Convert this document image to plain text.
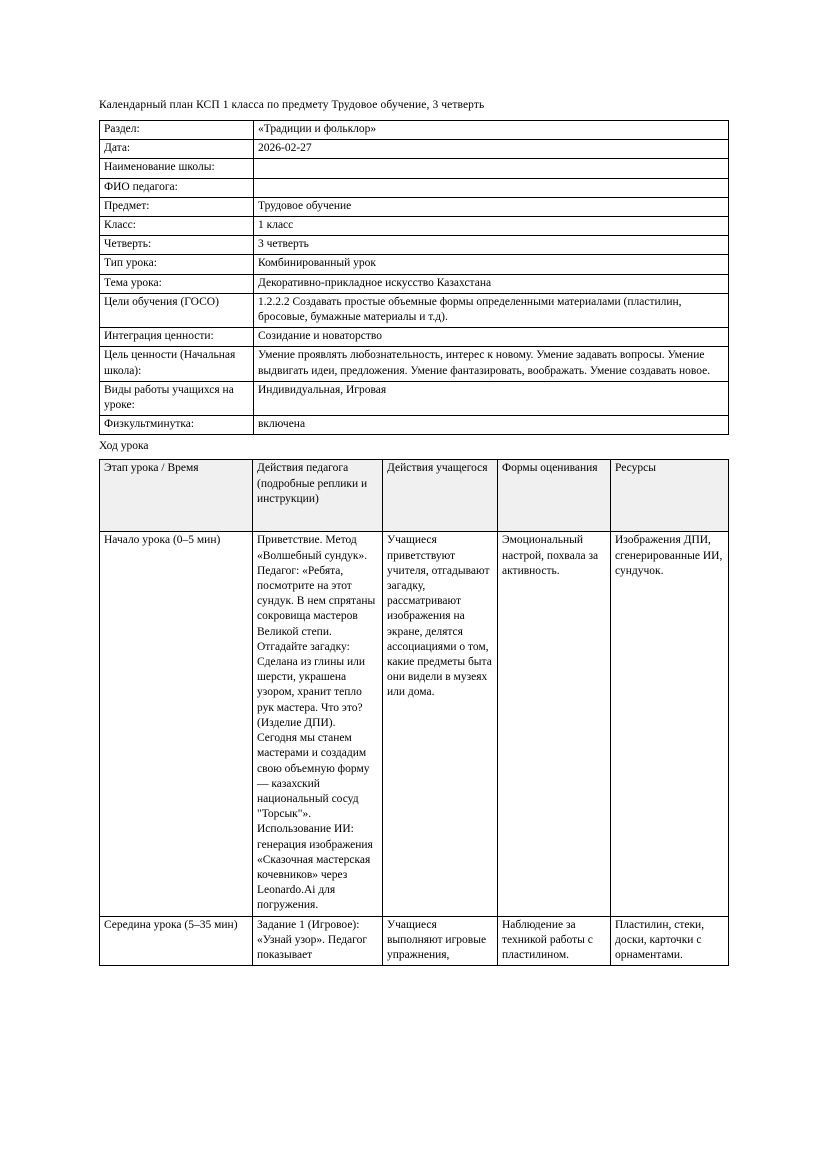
Календарный план КСП 1 класса по предмету Трудовое обучение, 3 четверть
Раздел:	«Традиции и фольклор»
Дата:	2026-02-27
Наименование школы:	
ФИО педагога:	
Предмет:	Трудовое обучение
Класс:	1 класс
Четверть:	3 четверть
Тип урока:	Комбинированный урок
Тема урока:	Декоративно-прикладное искусство Казахстана
Цели обучения (ГОСО)	1.2.2.2 Создавать простые объемные формы определенными материалами (пластилин, бросовые, бумажные материалы и т.д).
Интеграция ценности:	Созидание и новаторство
Цель ценности (Начальная школа):	Умение проявлять любознательность, интерес к новому. Умение задавать вопросы. Умение выдвигать идеи, предложения. Умение фантазировать, воображать. Умение создавать новое.
Виды работы учащихся на уроке:	Индивидуальная, Игровая
Физкультминутка:	включена
Ход урока
Этап урока / Время	Действия педагога (подробные реплики и инструкции)	Действия учащегося	Формы оценивания	Ресурсы
Начало урока (0–5 мин)	Приветствие. Метод «Волшебный сундук». Педагог: «Ребята, посмотрите на этот сундук. В нем спрятаны сокровища мастеров Великой степи. Отгадайте загадку: Сделана из глины или шерсти, украшена узором, хранит тепло рук мастера. Что это? (Изделие ДПИ). Сегодня мы станем мастерами и создадим свою объемную форму — казахский национальный сосуд "Торсык"». Использование ИИ: генерация изображения «Сказочная мастерская кочевников» через Leonardo.Ai для погружения.	Учащиеся приветствуют учителя, отгадывают загадку, рассматривают изображения на экране, делятся ассоциациями о том, какие предметы быта они видели в музеях или дома.	Эмоциональный настрой, похвала за активность.	Изображения ДПИ, сгенерированные ИИ, сундучок.
Середина урока (5–35 мин)	Задание 1 (Игровое): «Узнай узор». Педагог показывает	Учащиеся выполняют игровые упражнения,	Наблюдение за техникой работы с пластилином.	Пластилин, стеки, доски, карточки с орнаментами.
